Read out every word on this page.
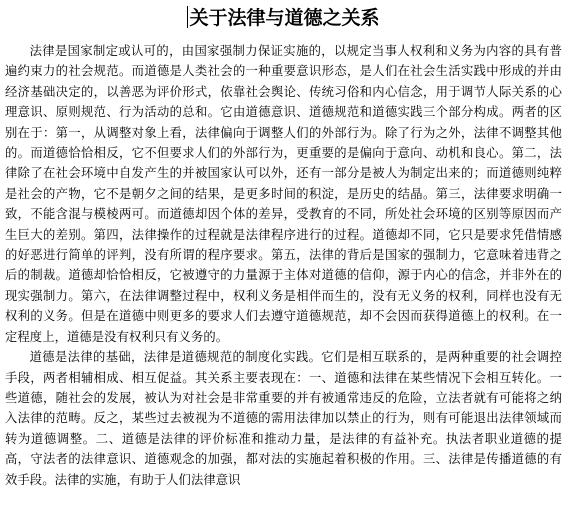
关于法律与道德之关系

法律是国家制定或认可的，由国家强制力保证实施的，以规定当事人权利和义务为内容的具有普遍约束力的社会规范。而道德是人类社会的一种重要意识形态，是人们在社会生活实践中形成的并由经济基础决定的，以善恶为评价形式，依靠社会舆论、传统习俗和内心信念，用于调节人际关系的心理意识、原则规范、行为活动的总和。它由道德意识、道德规范和道德实践三个部分构成。两者的区别在于：第一，从调整对象上看，法律偏向于调整人们的外部行为。除了行为之外，法律不调整其他的。而道德恰恰相反，它不但要求人们的外部行为，更重要的是偏向于意向、动机和良心。第二，法律除了在社会环境中自发产生的并被国家认可以外，还有一部分是被人为制定出来的；而道德则纯粹是社会的产物，它不是朝夕之间的结果，是更多时间的积淀，是历史的结晶。第三，法律要求明确一致，不能含混与模棱两可。而道德却因个体的差异，受教育的不同，所处社会环境的区别等原因而产生巨大的差别。第四，法律操作的过程就是法律程序进行的过程。道德却不同，它只是要求凭借情感的好恶进行简单的评判，没有所谓的程序要求。第五，法律的背后是国家的强制力，它意味着违背之后的制裁。道德却恰恰相反，它被遵守的力量源于主体对道德的信仰，源于内心的信念，并非外在的现实强制力。第六，在法律调整过程中，权利义务是相伴而生的，没有无义务的权利，同样也没有无权利的义务。但是在道德中则更多的要求人们去遵守道德规范，却不会因而获得道德上的权利。在一定程度上，道德是没有权利只有义务的。

道德是法律的基础，法律是道德规范的制度化实践。它们是相互联系的，是两种重要的社会调控手段，两者相辅相成、相互促益。其关系主要表现在：一、道德和法律在某些情况下会相互转化。一些道德，随社会的发展，被认为对社会是非常重要的并有被通常违反的危险，立法者就有可能将之纳入法律的范畴。反之，某些过去被视为不道德的需用法律加以禁止的行为，则有可能退出法律领域而转为道德调整。二、道德是法律的评价标准和推动力量，是法律的有益补充。执法者职业道德的提高，守法者的法律意识、道德观念的加强，都对法的实施起着积极的作用。三、法律是传播道德的有效手段。法律的实施，有助于人们法律意识
